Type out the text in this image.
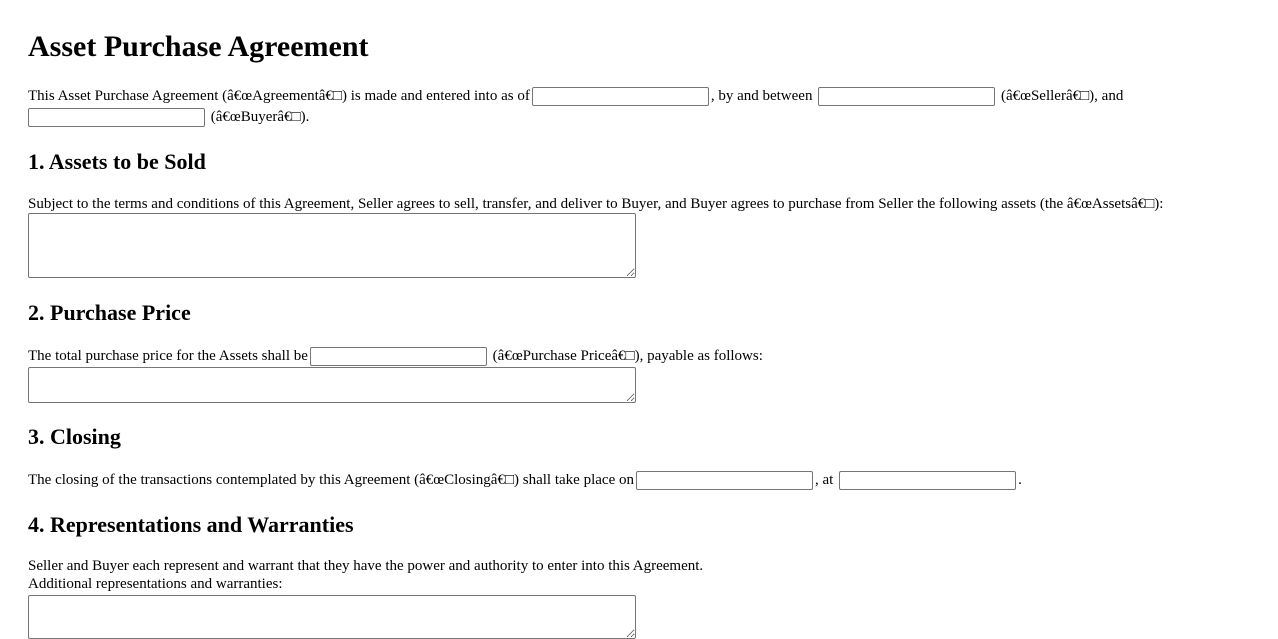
Asset Purchase Agreement
This Asset Purchase Agreement (â€œAgreementâ€□) is made and entered into as of	, by and between	(â€œSellerâ€□), and
(â€œBuyerâ€□).
1. Assets to be Sold
Subject to the terms and conditions of this Agreement, Seller agrees to sell, transfer, and deliver to Buyer, and Buyer agrees to purchase from Seller the following assets (the â€œAssetsâ€□):
2. Purchase Price
The total purchase price for the Assets shall be	(â€œPurchase Priceâ€□), payable as follows:
3. Closing
The closing of the transactions contemplated by this Agreement (â€œClosingâ€□) shall take place on	, at	.
4. Representations and Warranties
Seller and Buyer each represent and warrant that they have the power and authority to enter into this Agreement.
Additional representations and warranties:
